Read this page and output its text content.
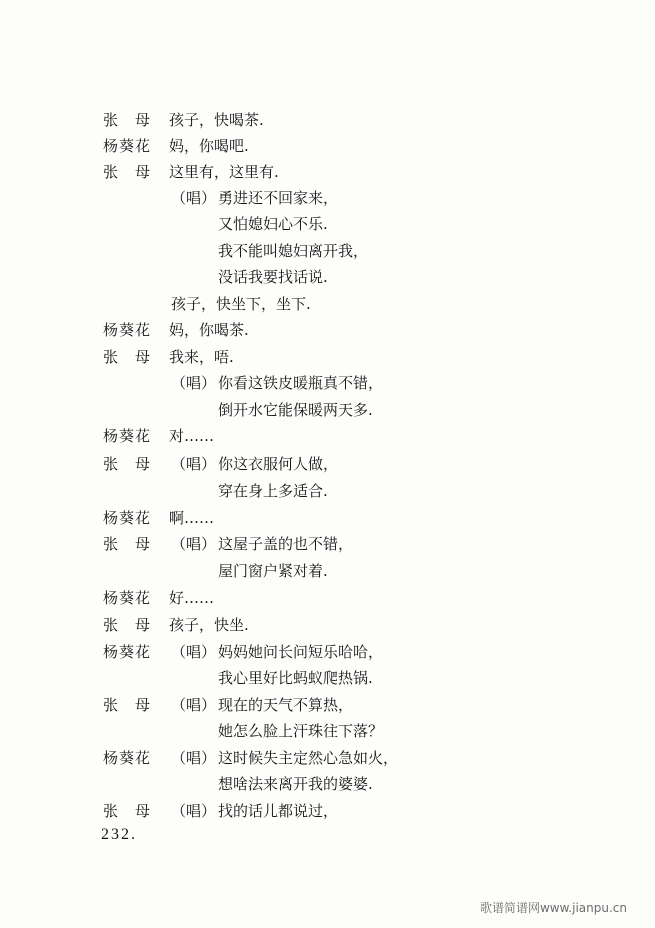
张　母 孩子，快喝茶.
杨葵花 妈，你喝吧.
张　母 这里有，这里有.
（唱） 勇进还不回家来，
又怕媳妇心不乐.
我不能叫媳妇离开我，
没话我要找话说.
孩子，快坐下，坐下.
杨葵花 妈，你喝茶.
张　母 我来，唔.
（唱） 你看这铁皮暖瓶真不错，
倒开水它能保暖两天多.
杨葵花 对……
张　母 （唱） 你这衣服何人做，
穿在身上多适合.
杨葵花 啊……
张　母 （唱） 这屋子盖的也不错，
屋门窗户紧对着.
杨葵花 好……
张　母 孩子，快坐.
杨葵花 （唱） 妈妈她问长问短乐哈哈，
我心里好比蚂蚁爬热锅.
张　母 （唱） 现在的天气不算热，
她怎么脸上汗珠往下落？
杨葵花 （唱） 这时候失主定然心急如火，
想啥法来离开我的婆婆.
张　母 （唱） 找的话儿都说过，
232.
歌谱简谱网www.jianpu.cn
